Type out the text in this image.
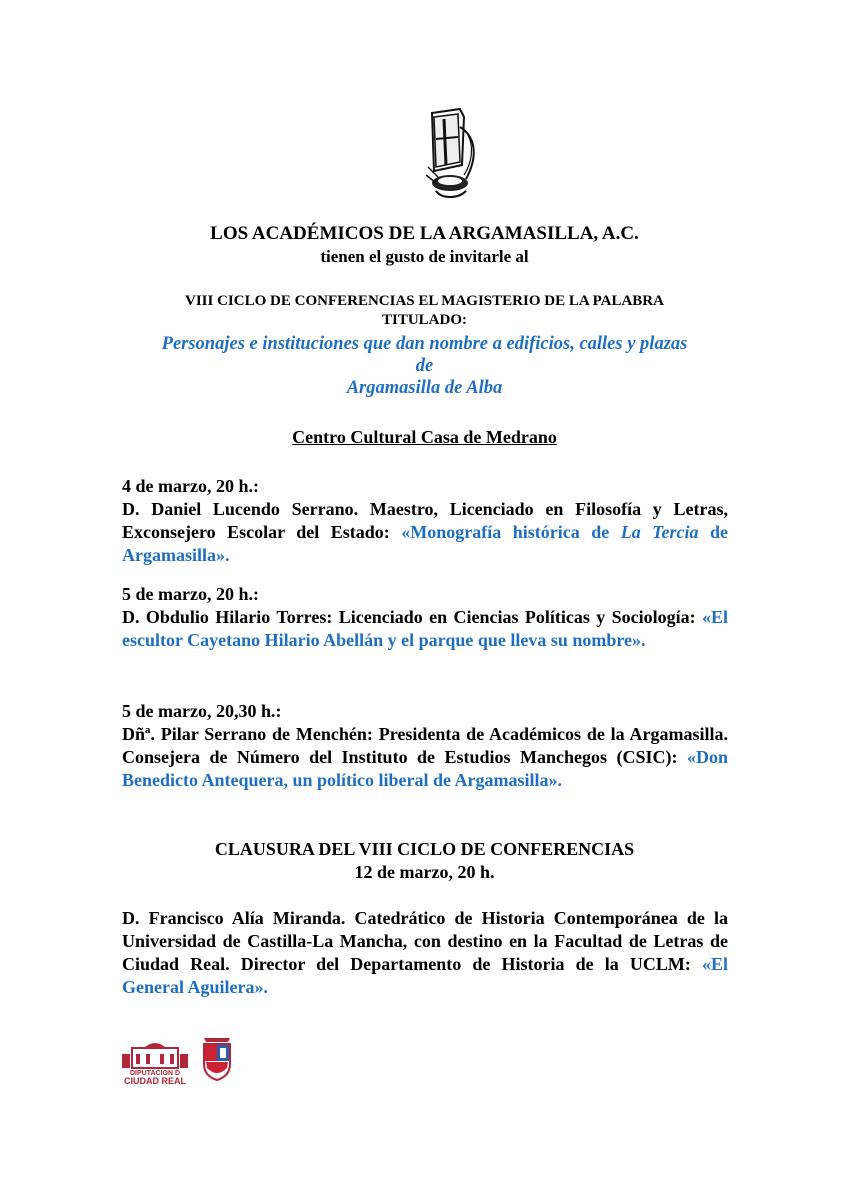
LOS ACADÉMICOS DE LA ARGAMASILLA, A.C.
tienen el gusto de invitarle al
VIII CICLO DE CONFERENCIAS EL MAGISTERIO DE LA PALABRA
TITULADO:
Personajes e instituciones que dan nombre a edificios, calles y plazas
de
Argamasilla de Alba
Centro Cultural Casa de Medrano
4 de marzo, 20 h.:
D. Daniel Lucendo Serrano. Maestro, Licenciado en Filosofía y Letras, Exconsejero Escolar del Estado: «Monografía histórica de La Tercia de Argamasilla».
5 de marzo, 20 h.:
D. Obdulio Hilario Torres: Licenciado en Ciencias Políticas y Sociología: «El escultor Cayetano Hilario Abellán y el parque que lleva su nombre».
5 de marzo, 20,30 h.:
Dñª. Pilar Serrano de Menchén: Presidenta de Académicos de la Argamasilla. Consejera de Número del Instituto de Estudios Manchegos (CSIC): «Don Benedicto Antequera, un político liberal de Argamasilla».
CLAUSURA DEL VIII CICLO DE CONFERENCIAS
12 de marzo, 20 h.
D. Francisco Alía Miranda. Catedrático de Historia Contemporánea de la Universidad de Castilla-La Mancha, con destino en la Facultad de Letras de Ciudad Real. Director del Departamento de Historia de la UCLM: «El General Aguilera».
DIPUTACION D
CIUDAD REAL
